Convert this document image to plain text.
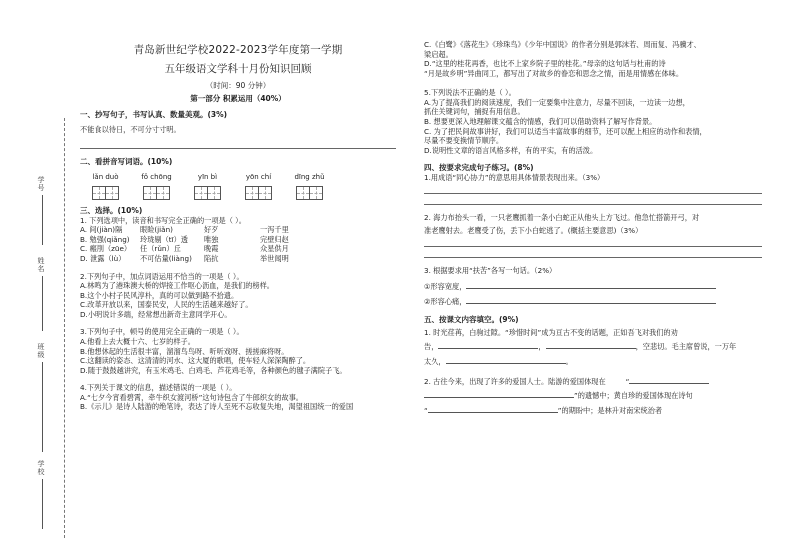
学号
姓名
班级
学校
青岛新世纪学校2022-2023学年度第一学期
五年级语文学科十月份知识回顾
（时间：90 分钟）
第一部分 积累运用（40%）
一、抄写句子，书写认真、数量美观。(3%)

不能食以待日，不可分寸寸明。

二、看拼音写词语。(10%)
lǎn duò	fǒ chōng	yīn bì	yōn chí	dīng zhǔ
三、选择。(10%)

1. 下列选项中，读音和书写完全正确的一项是（ ）。

A. 间(jiàn)隔	眼睑(jiǎn)	好歹	一泻千里
B. 勉强(qiǎng)	玲珑剔（tī）透	唯独	完壁归赵
C. 瘢刖（zūe）	任（rǔn）丘	晚霞	众星供月
D. 泄露（lù）	不可估量(liàng)	陷抗	举世闻明

2.下列句子中，加点词语运用不恰当的一项是（ ）。

A.林鸣为了港珠澳大桥的焊接工作呕心沥血，是我们的榜样。

B.这个小村子民风淳朴，真的可以做到路不拾遗。

C.改革开放以来，国泰民安，人民的生活越来越好了。

D.小明说计多端，经常想出新奇主意同学开心。

3.下列句子中，顿号的使用完全正确的一项是（ ）。

A.他看上去大概十六、七岁的样子。

B.他想休起的生活很丰富，溜溜鸟鸟呀、听听戏呀、搓搓麻将呀。

C.这翻读的姿态、这清清的河水、这大厦的歌唱，使车轻人深深陶醉了。

D.随于鼓鼓越讲究，有玉米鸡毛、白鸡毛、芦花鸡毛等，各种颜色的毽子满院子飞。

4.下列关于课文的信息，描述错误的一项是（ ）。

A.“七夕今宵看碧霄，牵牛织女渡河桥”这句诗包含了牛郎织女的故事。

B.《示儿》是诗人陆游的绝笔诗，表达了诗人至死不忘收复失地，渴望祖国统一的爱国

C.《白鹭》《落花生》《珍珠鸟》《少年中国说》的作者分别是郭沫若、周而复、冯骥才、

梁启超。

D.“这里的桂花再香，也比不上家乡院子里的桂花。”母亲的这句话与杜甫的诗

“月是故乡明”异曲同工，都写出了对故乡的眷恋和思念之情，而是用情感在体味。

5.下列说法不正确的是（ ）。

A.为了提高我们的阅读速度，我们一定要集中注意力，尽量不回读，一边读一边想，

抓住关键词句，捕捉有用信息。

B. 想要更深入地理解课文蕴含的情感，我们可以借助资料了解写作背景。

C. 为了把民间故事讲好，我们可以适当丰富故事的细节，还可以配上相应的动作和表情，

尽量不要变换情节顺序。

D.说明性文章的语言风格多样，有的平实，有的活泼。

四、按要求完成句子练习。(8%)

1.用成语“同心协力”的意思用具体情景表现出来。（3%）

2. 海力布抬头一看，一只老鹰抓着一条小白蛇正从他头上方飞过。他急忙搭箭开弓，对

准老鹰射去。老鹰受了伤，丢下小白蛇逃了。(概括主要意思)（3%）

3. 根据要求用“扶苦”各写一句话。（2%）

①形容宽度，

②形容心痛，

五、按课文内容填空。(9%)

1. 时光荏苒，白驹过隙。“珍惜时间”成为亘古不变的话题，正如吾飞对我们的劝

告，	，	，空悲切。毛主席曾说，一万年

太久，	。

2. 古往今来，出现了许多的爱国人士。陆游的爱国体现在	“

”的遗憾中；黄自珍的爱国体现在诗句

“	”的期盼中；是林升对南宋统治者
